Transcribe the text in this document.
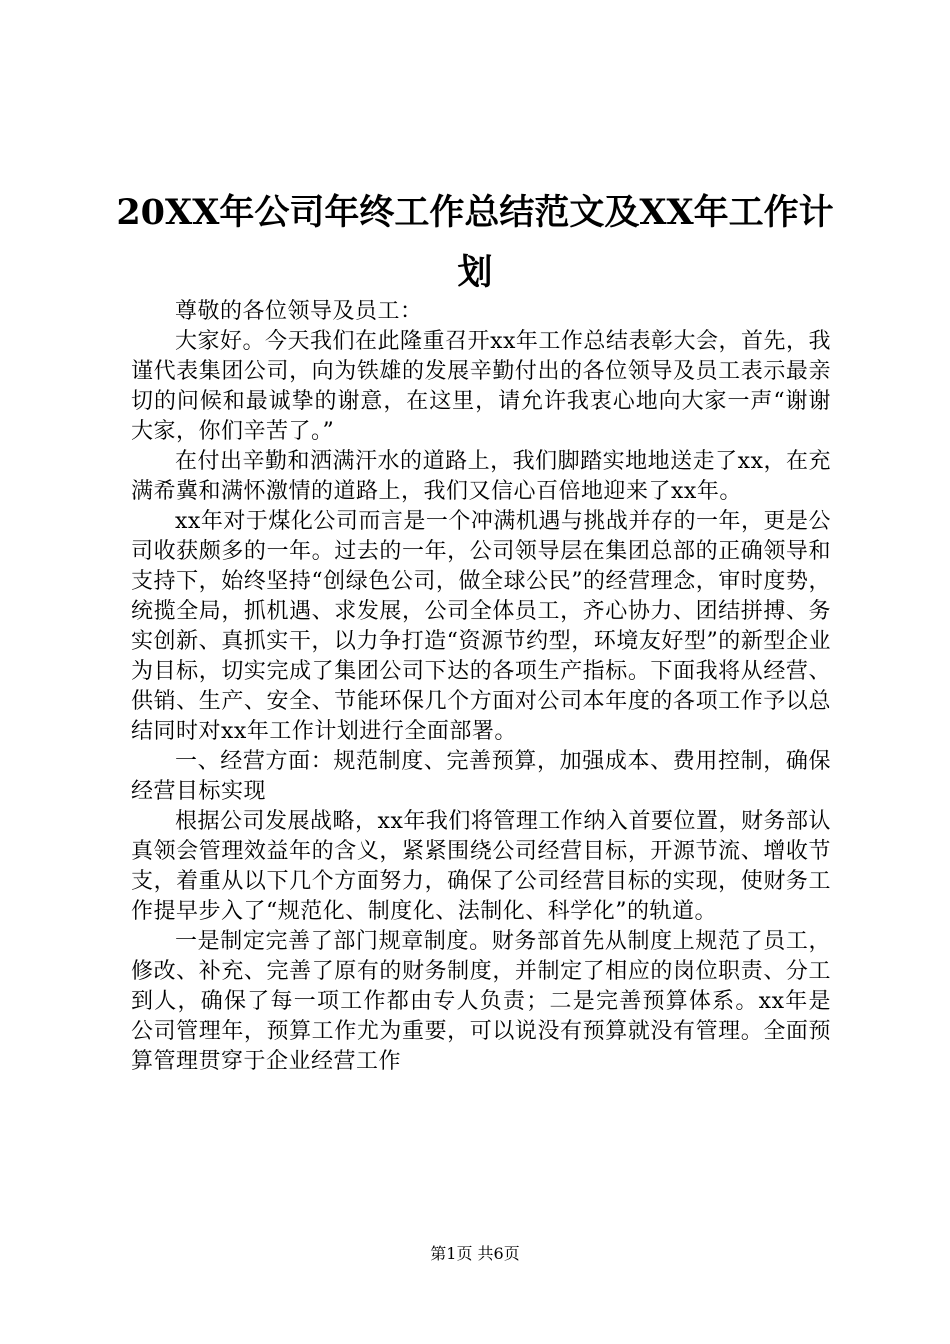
20XX年公司年终工作总结范文及XX年工作计划

尊敬的各位领导及员工：

大家好。今天我们在此隆重召开xx年工作总结表彰大会，首先，我谨代表集团公司，向为铁雄的发展辛勤付出的各位领导及员工表示最亲切的问候和最诚挚的谢意，在这里，请允许我衷心地向大家一声“谢谢大家，你们辛苦了。”

在付出辛勤和洒满汗水的道路上，我们脚踏实地地送走了xx，在充满希冀和满怀激情的道路上，我们又信心百倍地迎来了xx年。

xx年对于煤化公司而言是一个冲满机遇与挑战并存的一年，更是公司收获颇多的一年。过去的一年，公司领导层在集团总部的正确领导和支持下，始终坚持“创绿色公司，做全球公民”的经营理念，审时度势，统揽全局，抓机遇、求发展，公司全体员工，齐心协力、团结拼搏、务实创新、真抓实干，以力争打造“资源节约型，环境友好型”的新型企业为目标，切实完成了集团公司下达的各项生产指标。下面我将从经营、供销、生产、安全、节能环保几个方面对公司本年度的各项工作予以总结同时对xx年工作计划进行全面部署。

一、经营方面：规范制度、完善预算，加强成本、费用控制，确保经营目标实现

根据公司发展战略，xx年我们将管理工作纳入首要位置，财务部认真领会管理效益年的含义，紧紧围绕公司经营目标，开源节流、增收节支，着重从以下几个方面努力，确保了公司经营目标的实现，使财务工作提早步入了“规范化、制度化、法制化、科学化”的轨道。

一是制定完善了部门规章制度。财务部首先从制度上规范了员工，修改、补充、完善了原有的财务制度，并制定了相应的岗位职责、分工到人，确保了每一项工作都由专人负责；二是完善预算体系。xx年是公司管理年，预算工作尤为重要，可以说没有预算就没有管理。全面预算管理贯穿于企业经营工作

第1页 共6页
